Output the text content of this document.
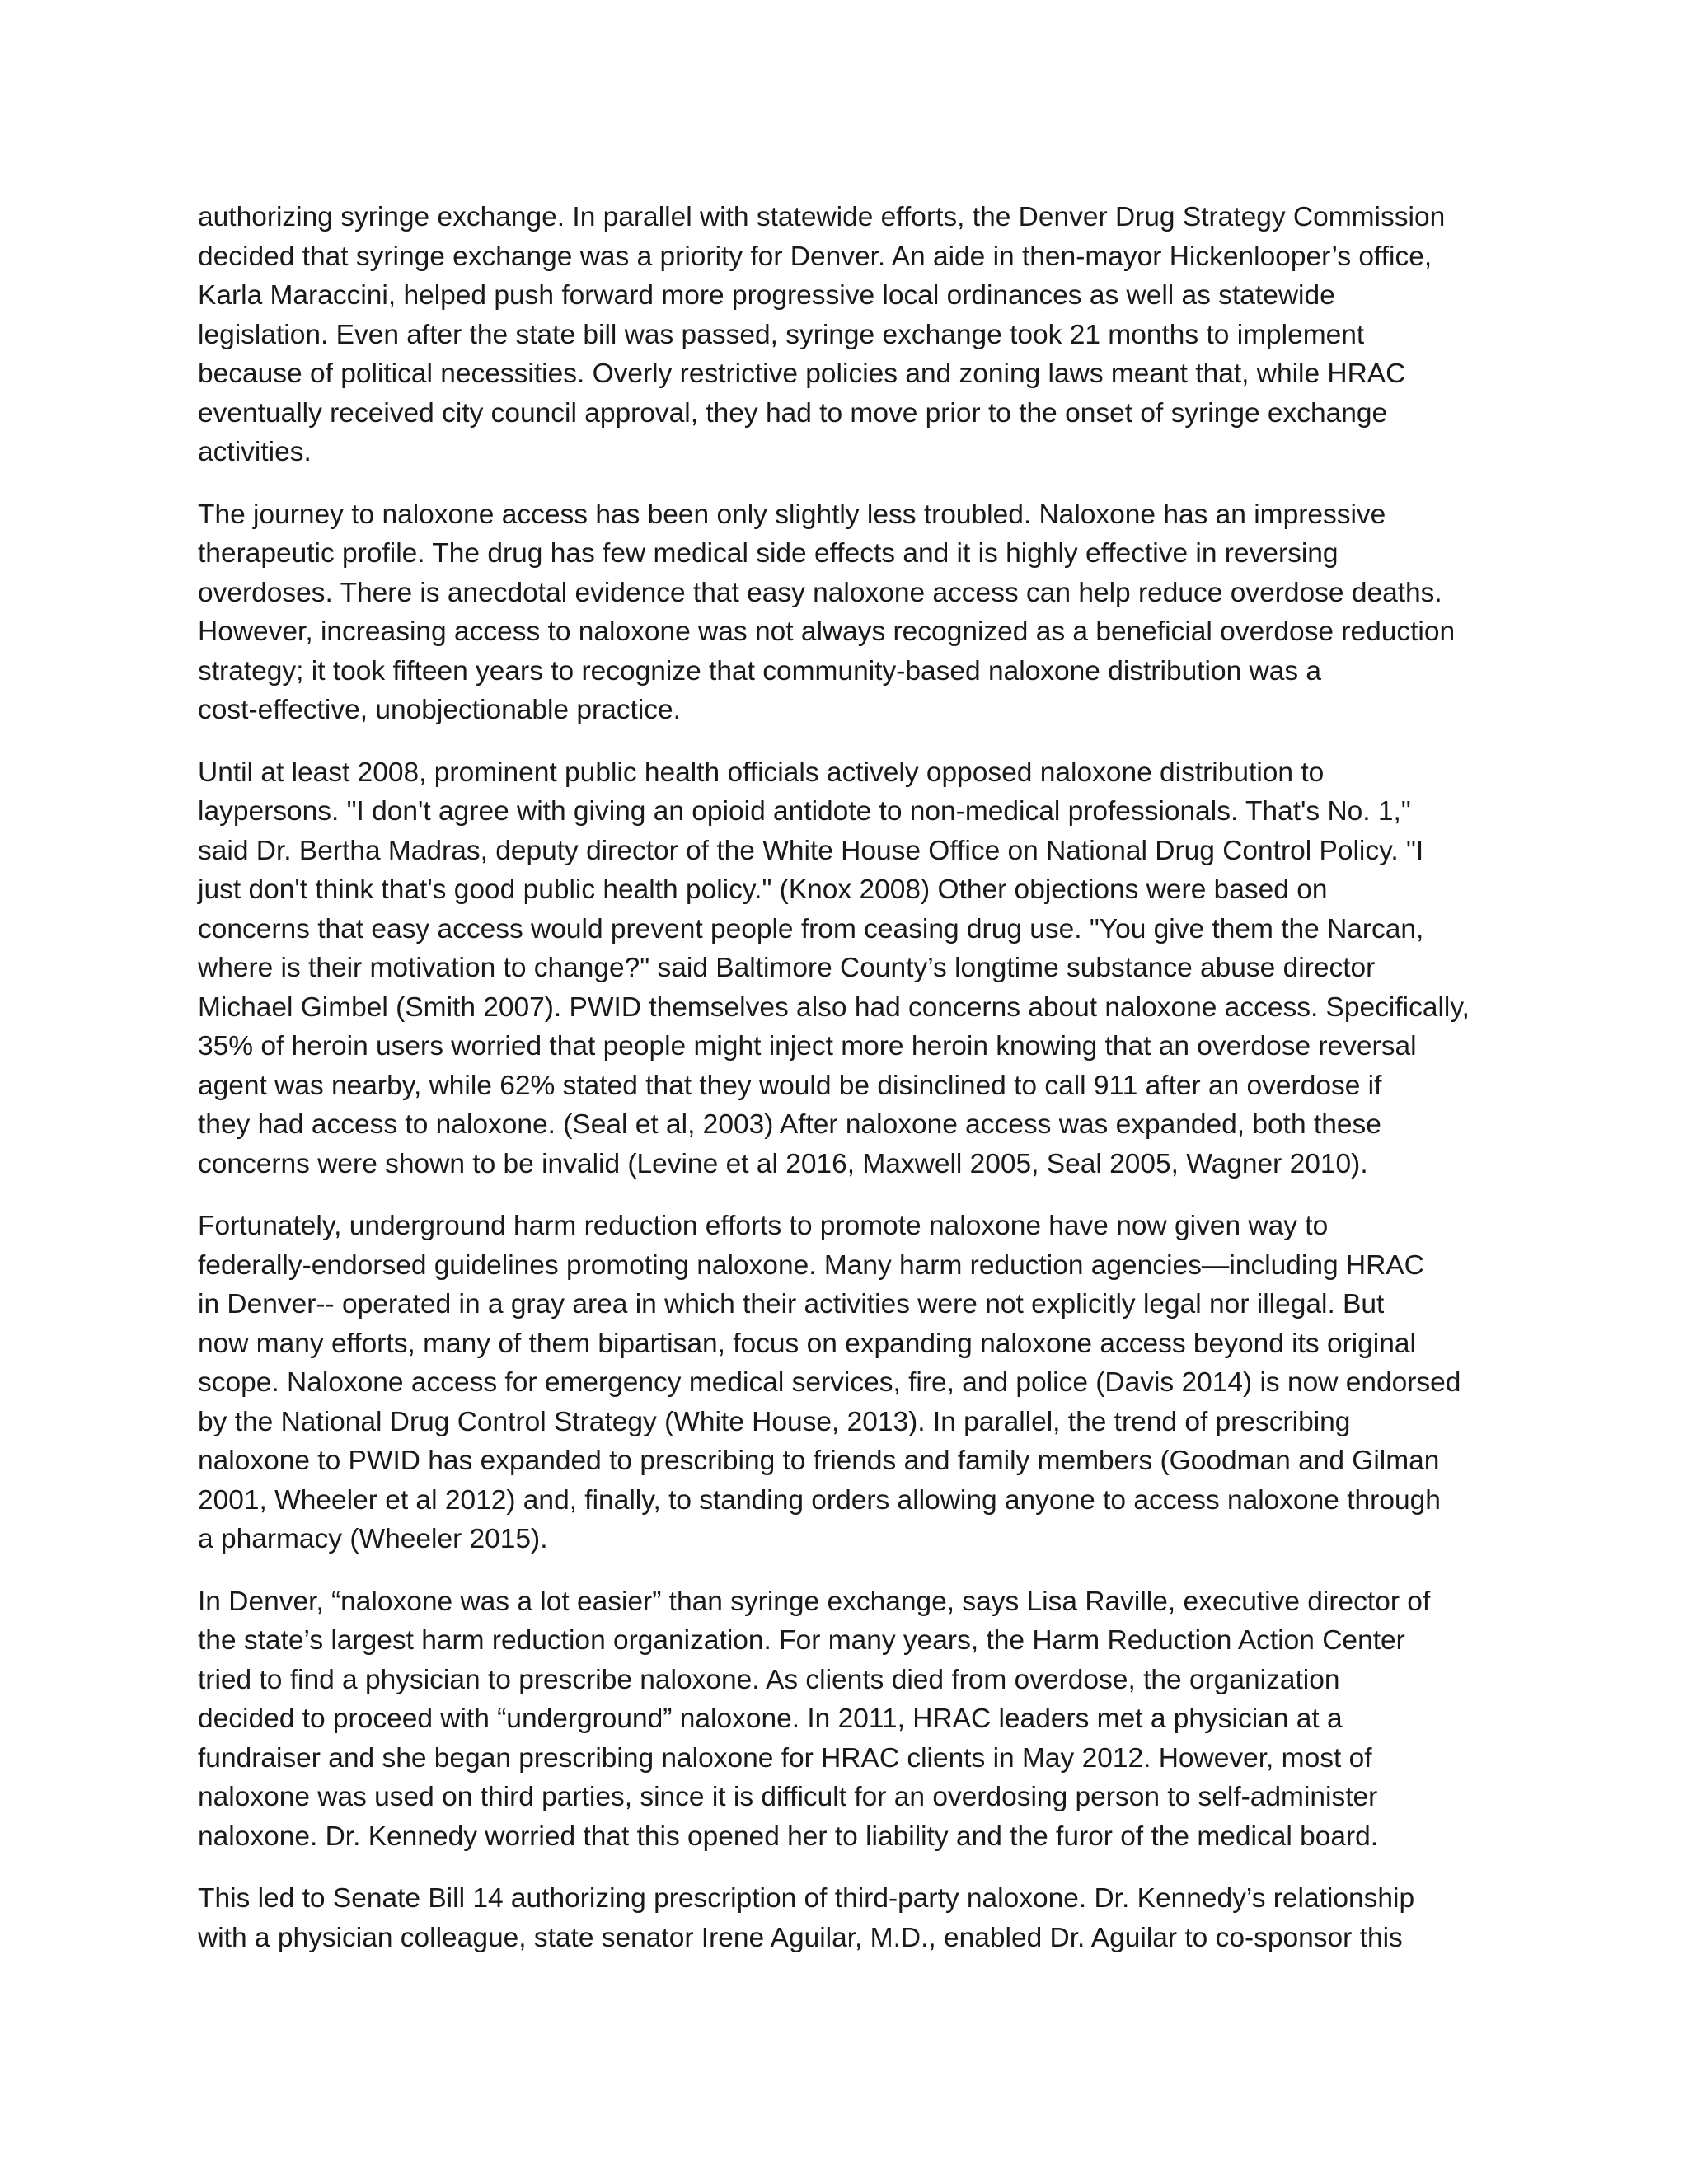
authorizing syringe exchange. In parallel with statewide efforts, the Denver Drug Strategy Commission
decided that syringe exchange was a priority for Denver. An aide in then-mayor Hickenlooper’s office,
Karla Maraccini, helped push forward more progressive local ordinances as well as statewide
legislation. Even after the state bill was passed, syringe exchange took 21 months to implement
because of political necessities. Overly restrictive policies and zoning laws meant that, while HRAC
eventually received city council approval, they had to move prior to the onset of syringe exchange
activities.

The journey to naloxone access has been only slightly less troubled. Naloxone has an impressive
therapeutic profile. The drug has few medical side effects and it is highly effective in reversing
overdoses. There is anecdotal evidence that easy naloxone access can help reduce overdose deaths.
However, increasing access to naloxone was not always recognized as a beneficial overdose reduction
strategy; it took fifteen years to recognize that community-based naloxone distribution was a
cost-effective, unobjectionable practice.

Until at least 2008, prominent public health officials actively opposed naloxone distribution to
laypersons. "I don't agree with giving an opioid antidote to non-medical professionals. That's No. 1,"
said Dr. Bertha Madras, deputy director of the White House Office on National Drug Control Policy. "I
just don't think that's good public health policy." (Knox 2008) Other objections were based on
concerns that easy access would prevent people from ceasing drug use. "You give them the Narcan,
where is their motivation to change?" said Baltimore County’s longtime substance abuse director
Michael Gimbel (Smith 2007). PWID themselves also had concerns about naloxone access. Specifically,
35% of heroin users worried that people might inject more heroin knowing that an overdose reversal
agent was nearby, while 62% stated that they would be disinclined to call 911 after an overdose if
they had access to naloxone. (Seal et al, 2003) After naloxone access was expanded, both these
concerns were shown to be invalid (Levine et al 2016, Maxwell 2005, Seal 2005, Wagner 2010).

Fortunately, underground harm reduction efforts to promote naloxone have now given way to
federally-endorsed guidelines promoting naloxone. Many harm reduction agencies—including HRAC
in Denver-- operated in a gray area in which their activities were not explicitly legal nor illegal. But
now many efforts, many of them bipartisan, focus on expanding naloxone access beyond its original
scope. Naloxone access for emergency medical services, fire, and police (Davis 2014) is now endorsed
by the National Drug Control Strategy (White House, 2013). In parallel, the trend of prescribing
naloxone to PWID has expanded to prescribing to friends and family members (Goodman and Gilman
2001, Wheeler et al 2012) and, finally, to standing orders allowing anyone to access naloxone through
a pharmacy (Wheeler 2015).

In Denver, “naloxone was a lot easier” than syringe exchange, says Lisa Raville, executive director of
the state’s largest harm reduction organization. For many years, the Harm Reduction Action Center
tried to find a physician to prescribe naloxone. As clients died from overdose, the organization
decided to proceed with “underground” naloxone. In 2011, HRAC leaders met a physician at a
fundraiser and she began prescribing naloxone for HRAC clients in May 2012. However, most of
naloxone was used on third parties, since it is difficult for an overdosing person to self-administer
naloxone. Dr. Kennedy worried that this opened her to liability and the furor of the medical board.

This led to Senate Bill 14 authorizing prescription of third-party naloxone. Dr. Kennedy’s relationship
with a physician colleague, state senator Irene Aguilar, M.D., enabled Dr. Aguilar to co-sponsor this
